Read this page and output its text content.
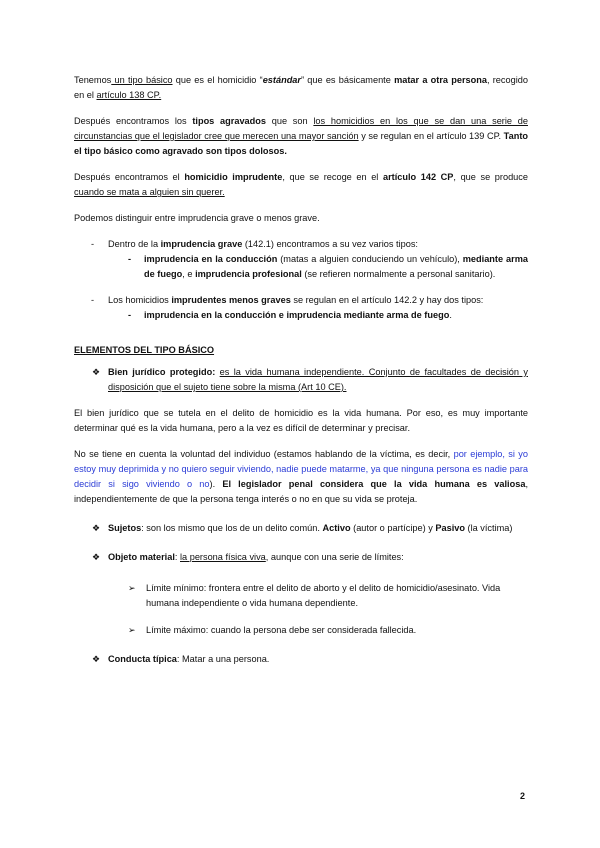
Tenemos un tipo básico que es el homicidio “estándar” que es básicamente matar a otra persona, recogido en el artículo 138 CP.

Después encontramos los tipos agravados que son los homicidios en los que se dan una serie de circunstancias que el legislador cree que merecen una mayor sanción y se regulan en el artículo 139 CP. Tanto el tipo básico como agravado son tipos dolosos.

Después encontramos el homicidio imprudente, que se recoge en el artículo 142 CP, que se produce cuando se mata a alguien sin querer.

Podemos distinguir entre imprudencia grave o menos grave.

- Dentro de la imprudencia grave (142.1) encontramos a su vez varios tipos:
- imprudencia en la conducción (matas a alguien conduciendo un vehículo), mediante arma de fuego, e imprudencia profesional (se refieren normalmente a personal sanitario).
- Los homicidios imprudentes menos graves se regulan en el artículo 142.2 y hay dos tipos:
- imprudencia en la conducción e imprudencia mediante arma de fuego.

ELEMENTOS DEL TIPO BÁSICO

❖ Bien jurídico protegido: es la vida humana independiente. Conjunto de facultades de decisión y disposición que el sujeto tiene sobre la misma (Art 10 CE).

El bien jurídico que se tutela en el delito de homicidio es la vida humana. Por eso, es muy importante determinar qué es la vida humana, pero a la vez es difícil de determinar y precisar.

No se tiene en cuenta la voluntad del individuo (estamos hablando de la víctima, es decir, por ejemplo, si yo estoy muy deprimida y no quiero seguir viviendo, nadie puede matarme, ya que ninguna persona es nadie para decidir si sigo viviendo o no). El legislador penal considera que la vida humana es valiosa, independientemente de que la persona tenga interés o no en que su vida se proteja.

❖ Sujetos: son los mismo que los de un delito común. Activo (autor o partícipe) y Pasivo (la víctima)
❖ Objeto material: la persona física viva, aunque con una serie de límites:
➢ Límite mínimo: frontera entre el delito de aborto y el delito de homicidio/asesinato. Vida humana independiente o vida humana dependiente.
➢ Límite máximo: cuando la persona debe ser considerada fallecida.
❖ Conducta típica: Matar a una persona.
2
